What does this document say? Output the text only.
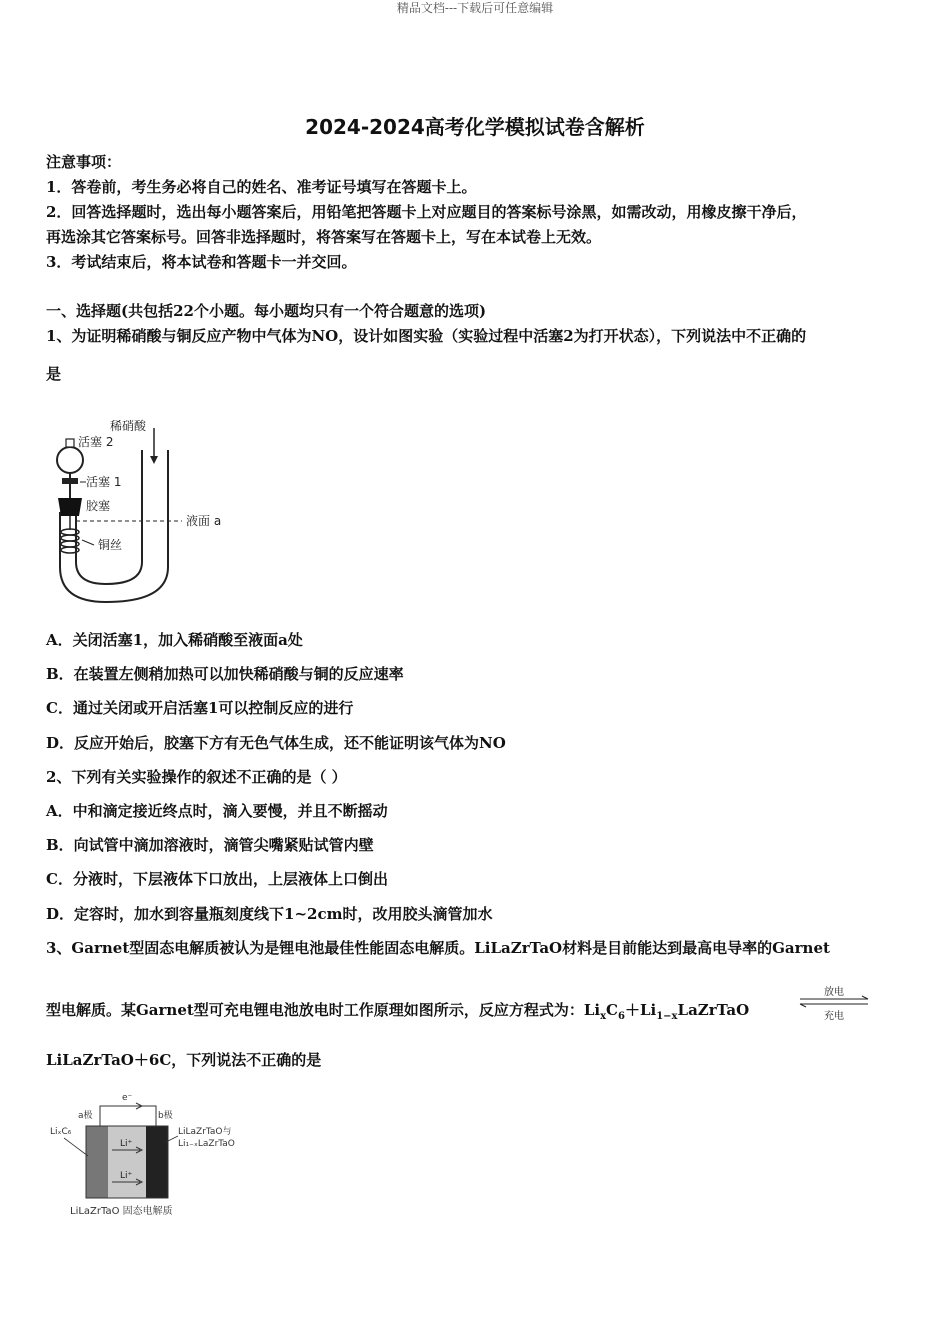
精品文档---下载后可任意编辑
2024-2024高考化学模拟试卷含解析
注意事项：
1．答卷前，考生务必将自己的姓名、准考证号填写在答题卡上。
2．回答选择题时，选出每小题答案后，用铅笔把答题卡上对应题目的答案标号涂黑，如需改动，用橡皮擦干净后，
再选涂其它答案标号。回答非选择题时，将答案写在答题卡上，写在本试卷上无效。
3．考试结束后，将本试卷和答题卡一并交回。
一、选择题(共包括22个小题。每小题均只有一个符合题意的选项)
1、为证明稀硝酸与铜反应产物中气体为NO，设计如图实验（实验过程中活塞2为打开状态），下列说法中不正确的
是
稀硝酸
活塞 2
活塞 1
胶塞
液面 a
铜丝
A．关闭活塞1，加入稀硝酸至液面a处
B．在装置左侧稍加热可以加快稀硝酸与铜的反应速率
C．通过关闭或开启活塞1可以控制反应的进行
D．反应开始后，胶塞下方有无色气体生成，还不能证明该气体为NO
2、下列有关实验操作的叙述不正确的是（ ）
A．中和滴定接近终点时，滴入要慢，并且不断摇动
B．向试管中滴加溶液时，滴管尖嘴紧贴试管内壁
C．分液时，下层液体下口放出，上层液体上口倒出
D．定容时，加水到容量瓶刻度线下1~2cm时，改用胶头滴管加水
3、Garnet型固态电解质被认为是锂电池最佳性能固态电解质。LiLaZrTaO材料是目前能达到最高电导率的Garnet
型电解质。某Garnet型可充电锂电池放电时工作原理如图所示，反应方程式为：$Li_xC_6+Li_{1-x}LaZrTaO$
放电
充电
LiLaZrTaO＋6C，下列说法不正确的是
e⁻
a极	b极
Li⁺
Li⁺
LiₓC₆	LiLaZrTaO与
Li₁₋ₓLaZrTaO
LiLaZrTaO 固态电解质
